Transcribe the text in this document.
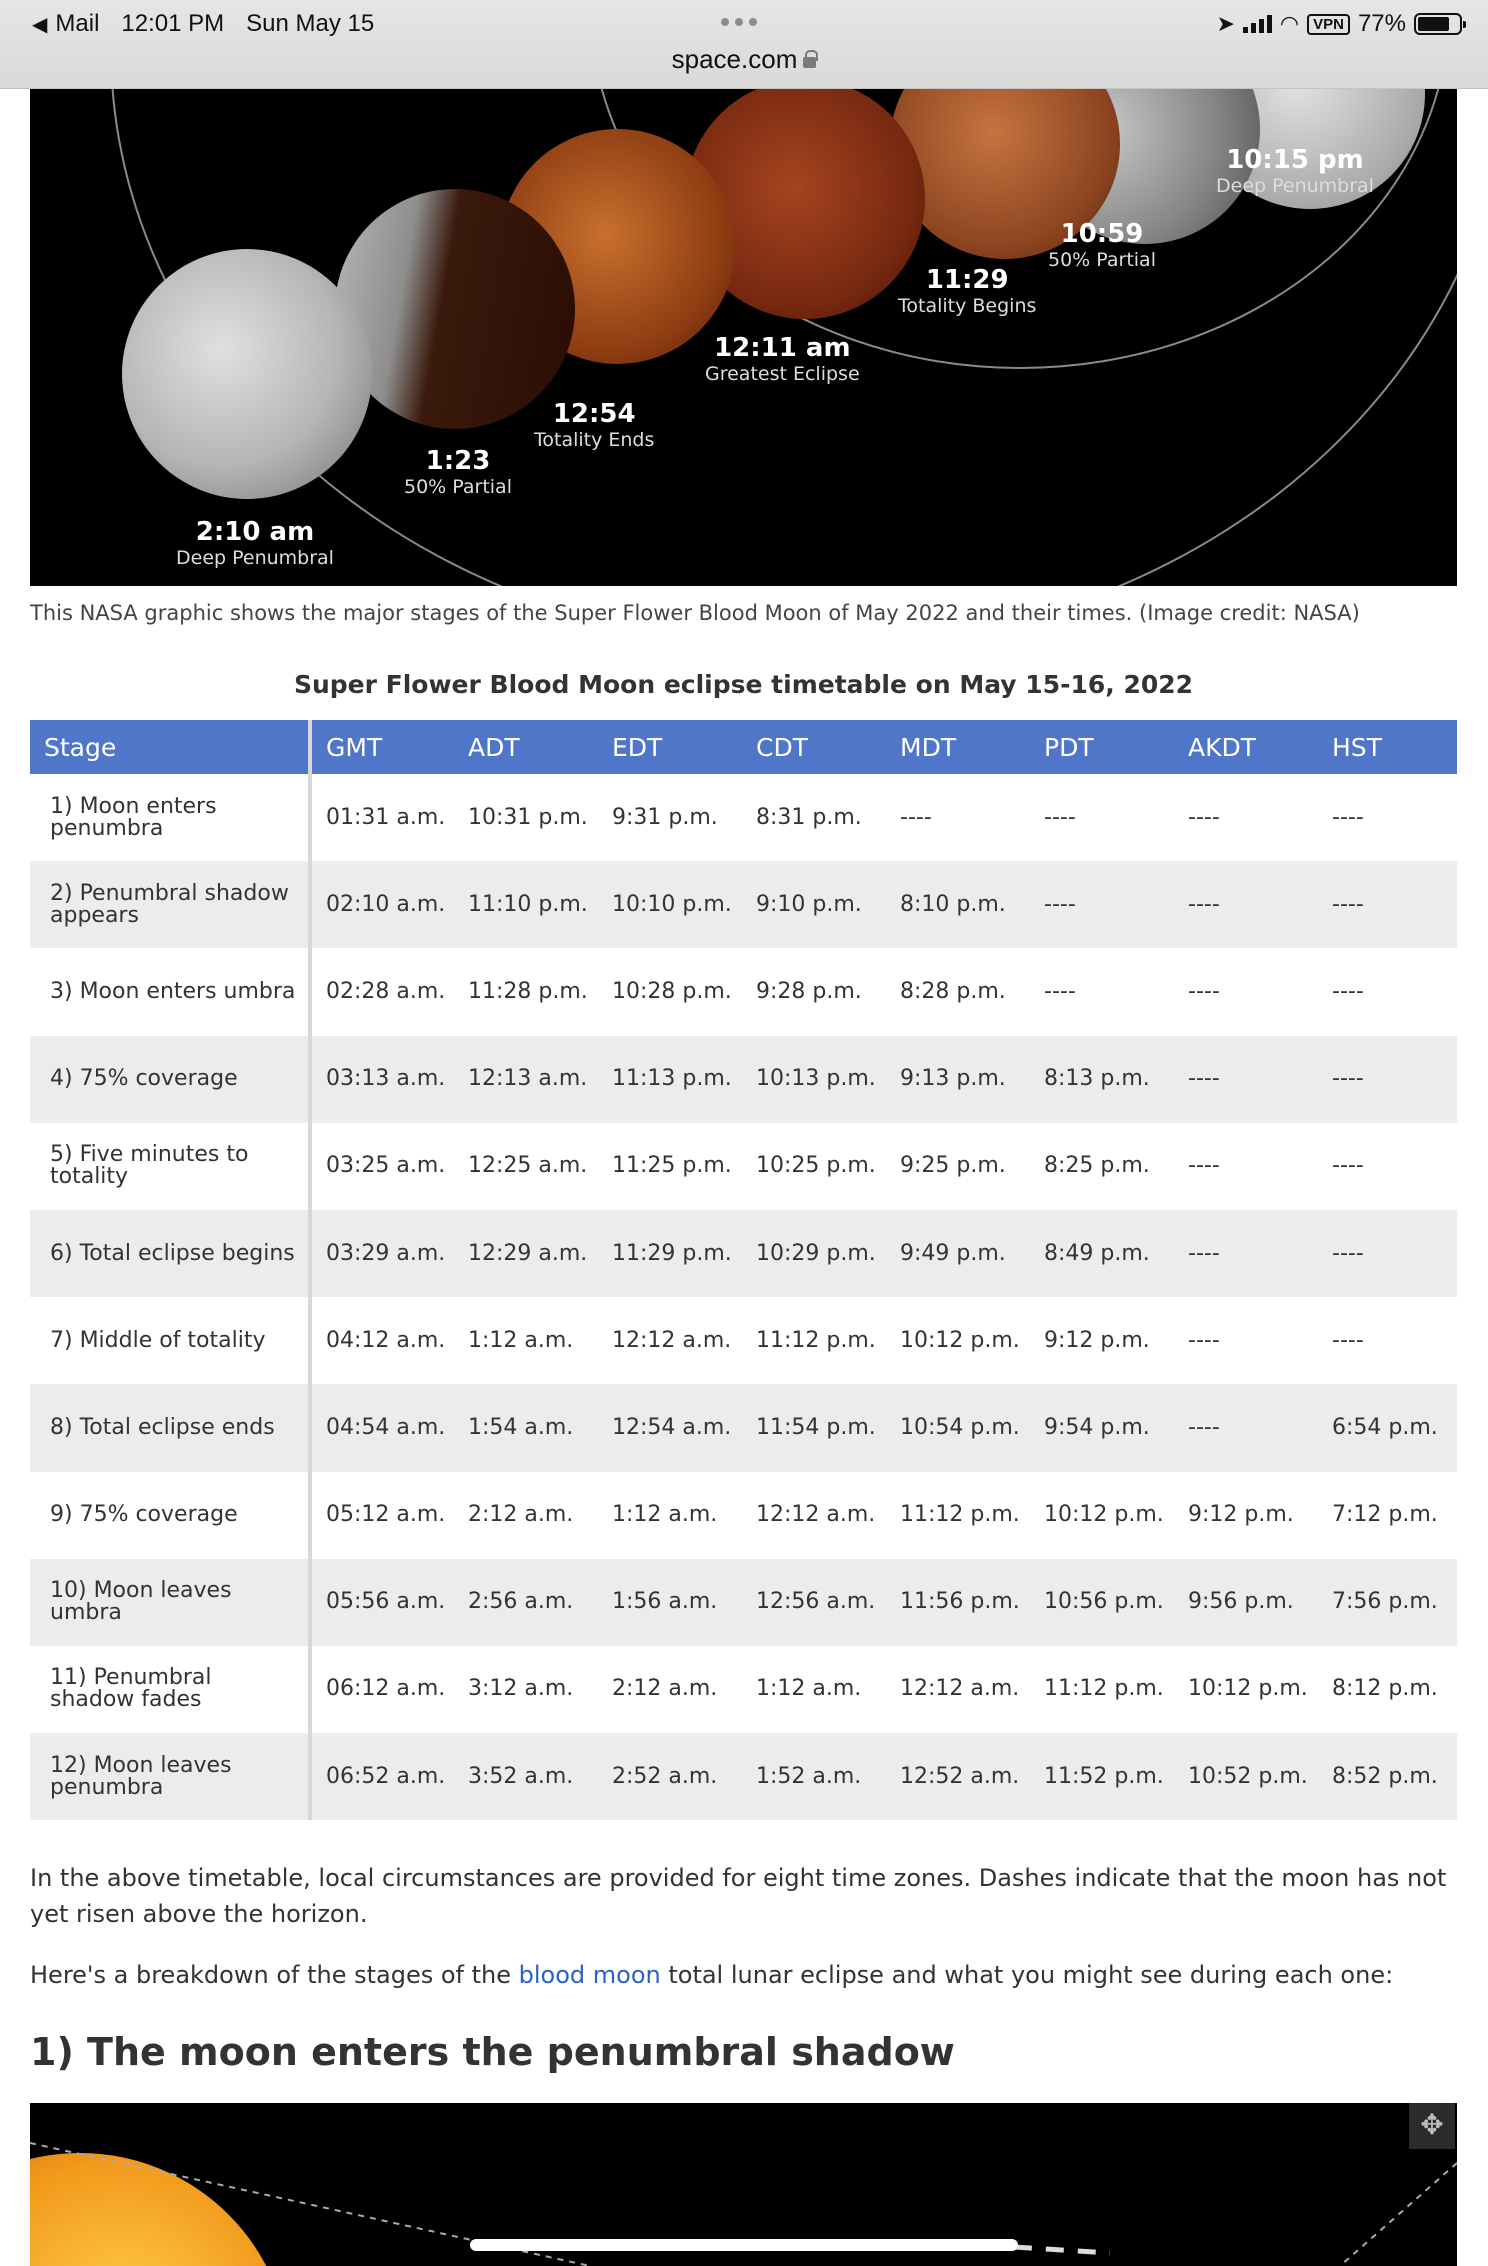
◀ Mail 12:01 PM Sun May 15
space.com
➤ ◠ VPN 77%
10:15 pm
Deep Penumbral
10:59
50% Partial
11:29
Totality Begins
12:11 am
Greatest Eclipse
12:54
Totality Ends
1:23
50% Partial
2:10 am
Deep Penumbral
This NASA graphic shows the major stages of the Super Flower Blood Moon of May 2022 and their times. (Image credit: NASA)
Super Flower Blood Moon eclipse timetable on May 15-16, 2022
Stage	GMT	ADT	EDT	CDT	MDT	PDT	AKDT	HST
1) Moon enters penumbra	01:31 a.m.	10:31 p.m.	9:31 p.m.	8:31 p.m.	----	----	----	----
2) Penumbral shadow appears	02:10 a.m.	11:10 p.m.	10:10 p.m.	9:10 p.m.	8:10 p.m.	----	----	----
3) Moon enters umbra	02:28 a.m.	11:28 p.m.	10:28 p.m.	9:28 p.m.	8:28 p.m.	----	----	----
4) 75% coverage	03:13 a.m.	12:13 a.m.	11:13 p.m.	10:13 p.m.	9:13 p.m.	8:13 p.m.	----	----
5) Five minutes to totality	03:25 a.m.	12:25 a.m.	11:25 p.m.	10:25 p.m.	9:25 p.m.	8:25 p.m.	----	----
6) Total eclipse begins	03:29 a.m.	12:29 a.m.	11:29 p.m.	10:29 p.m.	9:49 p.m.	8:49 p.m.	----	----
7) Middle of totality	04:12 a.m.	1:12 a.m.	12:12 a.m.	11:12 p.m.	10:12 p.m.	9:12 p.m.	----	----
8) Total eclipse ends	04:54 a.m.	1:54 a.m.	12:54 a.m.	11:54 p.m.	10:54 p.m.	9:54 p.m.	----	6:54 p.m.
9) 75% coverage	05:12 a.m.	2:12 a.m.	1:12 a.m.	12:12 a.m.	11:12 p.m.	10:12 p.m.	9:12 p.m.	7:12 p.m.
10) Moon leaves umbra	05:56 a.m.	2:56 a.m.	1:56 a.m.	12:56 a.m.	11:56 p.m.	10:56 p.m.	9:56 p.m.	7:56 p.m.
11) Penumbral shadow fades	06:12 a.m.	3:12 a.m.	2:12 a.m.	1:12 a.m.	12:12 a.m.	11:12 p.m.	10:12 p.m.	8:12 p.m.
12) Moon leaves penumbra	06:52 a.m.	3:52 a.m.	2:52 a.m.	1:52 a.m.	12:52 a.m.	11:52 p.m.	10:52 p.m.	8:52 p.m.
In the above timetable, local circumstances are provided for eight time zones. Dashes indicate that the moon has not yet risen above the horizon.
Here's a breakdown of the stages of the blood moon total lunar eclipse and what you might see during each one:
1) The moon enters the penumbral shadow
✥
